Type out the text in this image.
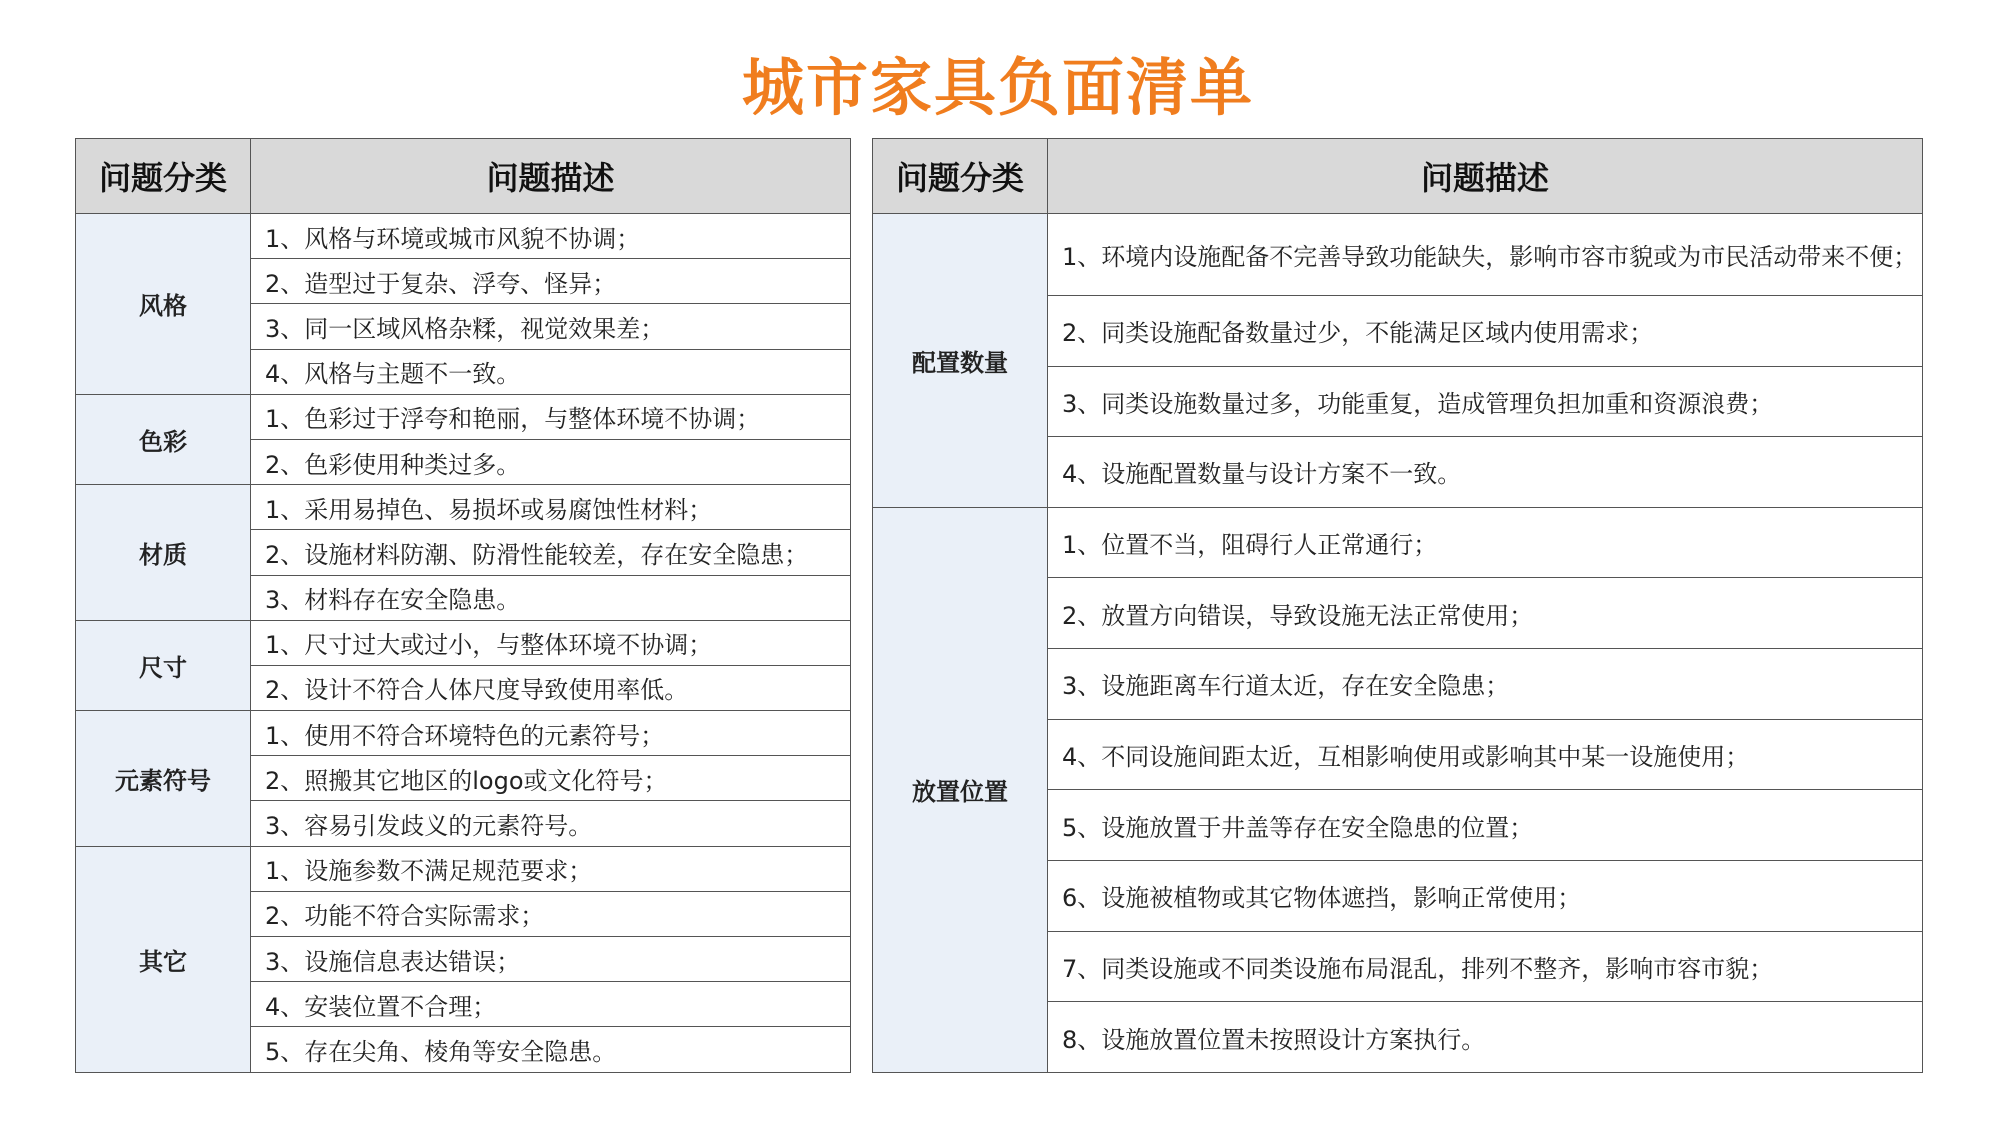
城市家具负面清单
问题分类	问题描述
风格	1、风格与环境或城市风貌不协调；
	2、造型过于复杂、浮夸、怪异；
	3、同一区域风格杂糅，视觉效果差；
	4、风格与主题不一致。
色彩	1、色彩过于浮夸和艳丽，与整体环境不协调；
	2、色彩使用种类过多。
材质	1、采用易掉色、易损坏或易腐蚀性材料；
	2、设施材料防潮、防滑性能较差，存在安全隐患；
	3、材料存在安全隐患。
尺寸	1、尺寸过大或过小，与整体环境不协调；
	2、设计不符合人体尺度导致使用率低。
元素符号	1、使用不符合环境特色的元素符号；
	2、照搬其它地区的logo或文化符号；
	3、容易引发歧义的元素符号。
其它	1、设施参数不满足规范要求；
	2、功能不符合实际需求；
	3、设施信息表达错误；
	4、安装位置不合理；
	5、存在尖角、棱角等安全隐患。
问题分类	问题描述
配置数量	1、环境内设施配备不完善导致功能缺失，影响市容市貌或为市民活动带来不便；
	2、同类设施配备数量过少，不能满足区域内使用需求；
	3、同类设施数量过多，功能重复，造成管理负担加重和资源浪费；
	4、设施配置数量与设计方案不一致。
放置位置	1、位置不当，阻碍行人正常通行；
	2、放置方向错误，导致设施无法正常使用；
	3、设施距离车行道太近，存在安全隐患；
	4、不同设施间距太近，互相影响使用或影响其中某一设施使用；
	5、设施放置于井盖等存在安全隐患的位置；
	6、设施被植物或其它物体遮挡，影响正常使用；
	7、同类设施或不同类设施布局混乱，排列不整齐，影响市容市貌；
	8、设施放置位置未按照设计方案执行。
